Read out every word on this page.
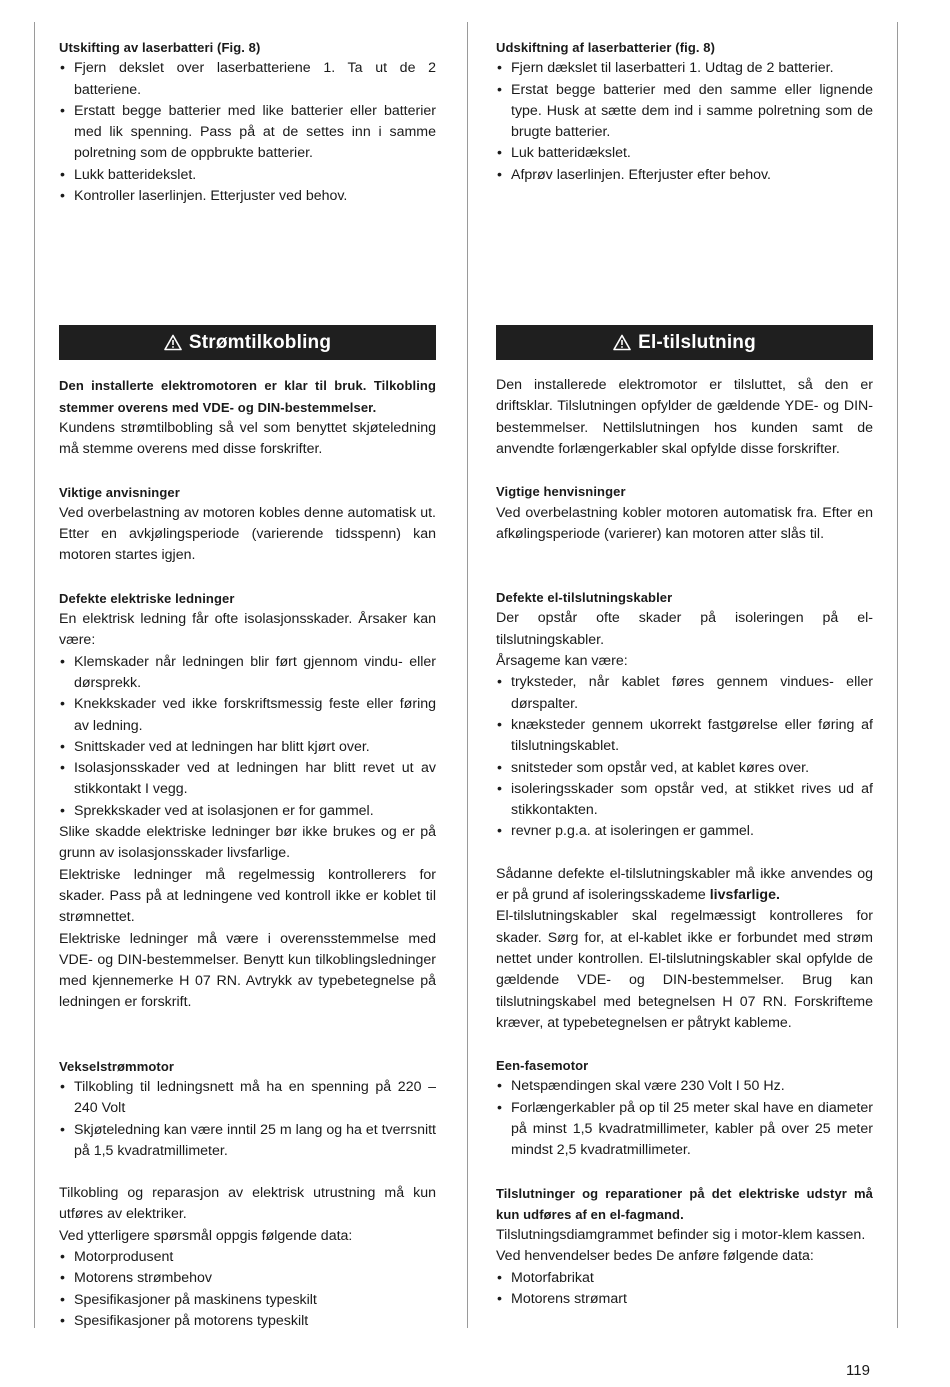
Utskifting av laserbatteri (Fig. 8)

• Fjern dekslet over laserbatteriene 1. Ta ut de 2 batteriene.
• Erstatt begge batterier med like batterier eller batterier med lik spenning. Pass på at de settes inn i samme polretning som de oppbrukte batterier.
• Lukk batteridekslet.
• Kontroller laserlinjen. Etterjuster ved behov.
Strømtilkobling

Den installerte elektromotoren er klar til bruk. Tilkobling stemmer overens med VDE- og DIN-bestemmelser.

Kundens strømtilbobling så vel som benyttet skjøteledning må stemme overens med disse forskrifter.

Viktige anvisninger

Ved overbelastning av motoren kobles denne automatisk ut. Etter en avkjølingsperiode (varierende tidsspenn) kan motoren startes igjen.

Defekte elektriske ledninger

En elektrisk ledning får ofte isolasjonsskader. Årsaker kan være:

• Klemskader når ledningen blir ført gjennom vindu- eller dørsprekk.
• Knekkskader ved ikke forskriftsmessig feste eller føring av ledning.
• Snittskader ved at ledningen har blitt kjørt over.
• Isolasjonsskader ved at ledningen har blitt revet ut av stikkontakt I vegg.
• Sprekkskader ved at isolasjonen er for gammel.

Slike skadde elektriske ledninger bør ikke brukes og er på grunn av isolasjonsskader livsfarlige.

Elektriske ledninger må regelmessig kontrollerers for skader. Pass på at ledningene ved kontroll ikke er koblet til strømnettet.

Elektriske ledninger må være i overensstemmelse med VDE- og DIN-bestemmelser. Benytt kun tilkoblingsledninger med kjennemerke H 07 RN. Avtrykk av typebetegnelse på ledningen er forskrift.

Vekselstrømmotor

• Tilkobling til ledningsnett må ha en spenning på 220 – 240 Volt
• Skjøteledning kan være inntil 25 m lang og ha et tverrsnitt på 1,5 kvadratmillimeter.

Tilkobling og reparasjon av elektrisk utrustning må kun utføres av elektriker.

Ved ytterligere spørsmål oppgis følgende data:

• Motorprodusent
• Motorens strømbehov
• Spesifikasjoner på maskinens typeskilt
• Spesifikasjoner på motorens typeskilt

Udskiftning af laserbatterier (fig. 8)

• Fjern dækslet til laserbatteri 1. Udtag de 2 batterier.
• Erstat begge batterier med den samme eller lignende type. Husk at sætte dem ind i samme polretning som de brugte batterier.
• Luk batteridækslet.
• Afprøv laserlinjen. Efterjuster efter behov.
El-tilslutning

Den installerede elektromotor er tilsluttet, så den er driftsklar. Tilslutningen opfylder de gældende YDE- og DIN-bestemmelser. Nettilslutningen hos kunden samt de anvendte forlængerkabler skal opfylde disse forskrifter.

Vigtige henvisninger

Ved overbelastning kobler motoren automatisk fra. Efter en afkølingsperiode (varierer) kan motoren atter slås til.

Defekte el-tilslutningskabler

Der opstår ofte skader på isoleringen på el-tilslutningskabler.

Årsageme kan være:

• tryksteder, når kablet føres gennem vindues- eller dørspalter.
• knæksteder gennem ukorrekt fastgørelse eller føring af tilslutningskablet.
• snitsteder som opstår ved, at kablet køres over.
• isoleringsskader som opstår ved, at stikket rives ud af stikkontakten.
• revner p.g.a. at isoleringen er gammel.

Sådanne defekte el-tilslutningskabler må ikke anvendes og er på grund af isoleringsskademe livsfarlige.

El-tilslutningskabler skal regelmæssigt kontrolleres for skader. Sørg for, at el-kablet ikke er forbundet med strøm nettet under kontrollen. El-tilslutningskabler skal opfylde de gældende VDE- og DIN-bestemmelser. Brug kan tilslutningskabel med betegnelsen H 07 RN. Forskrifteme kræver, at typebetegnelsen er påtrykt kableme.

Een-fasemotor

• Netspændingen skal være 230 Volt I 50 Hz.
• Forlængerkabler på op til 25 meter skal have en diameter på minst 1,5 kvadratmillimeter, kabler på over 25 meter mindst 2,5 kvadratmillimeter.

Tilslutninger og reparationer på det elektriske udstyr må kun udføres af en el-fagmand.

Tilslutningsdiamgrammet befinder sig i motor-klem kassen.

Ved henvendelser bedes De anføre følgende data:

• Motorfabrikat
• Motorens strømart
119
